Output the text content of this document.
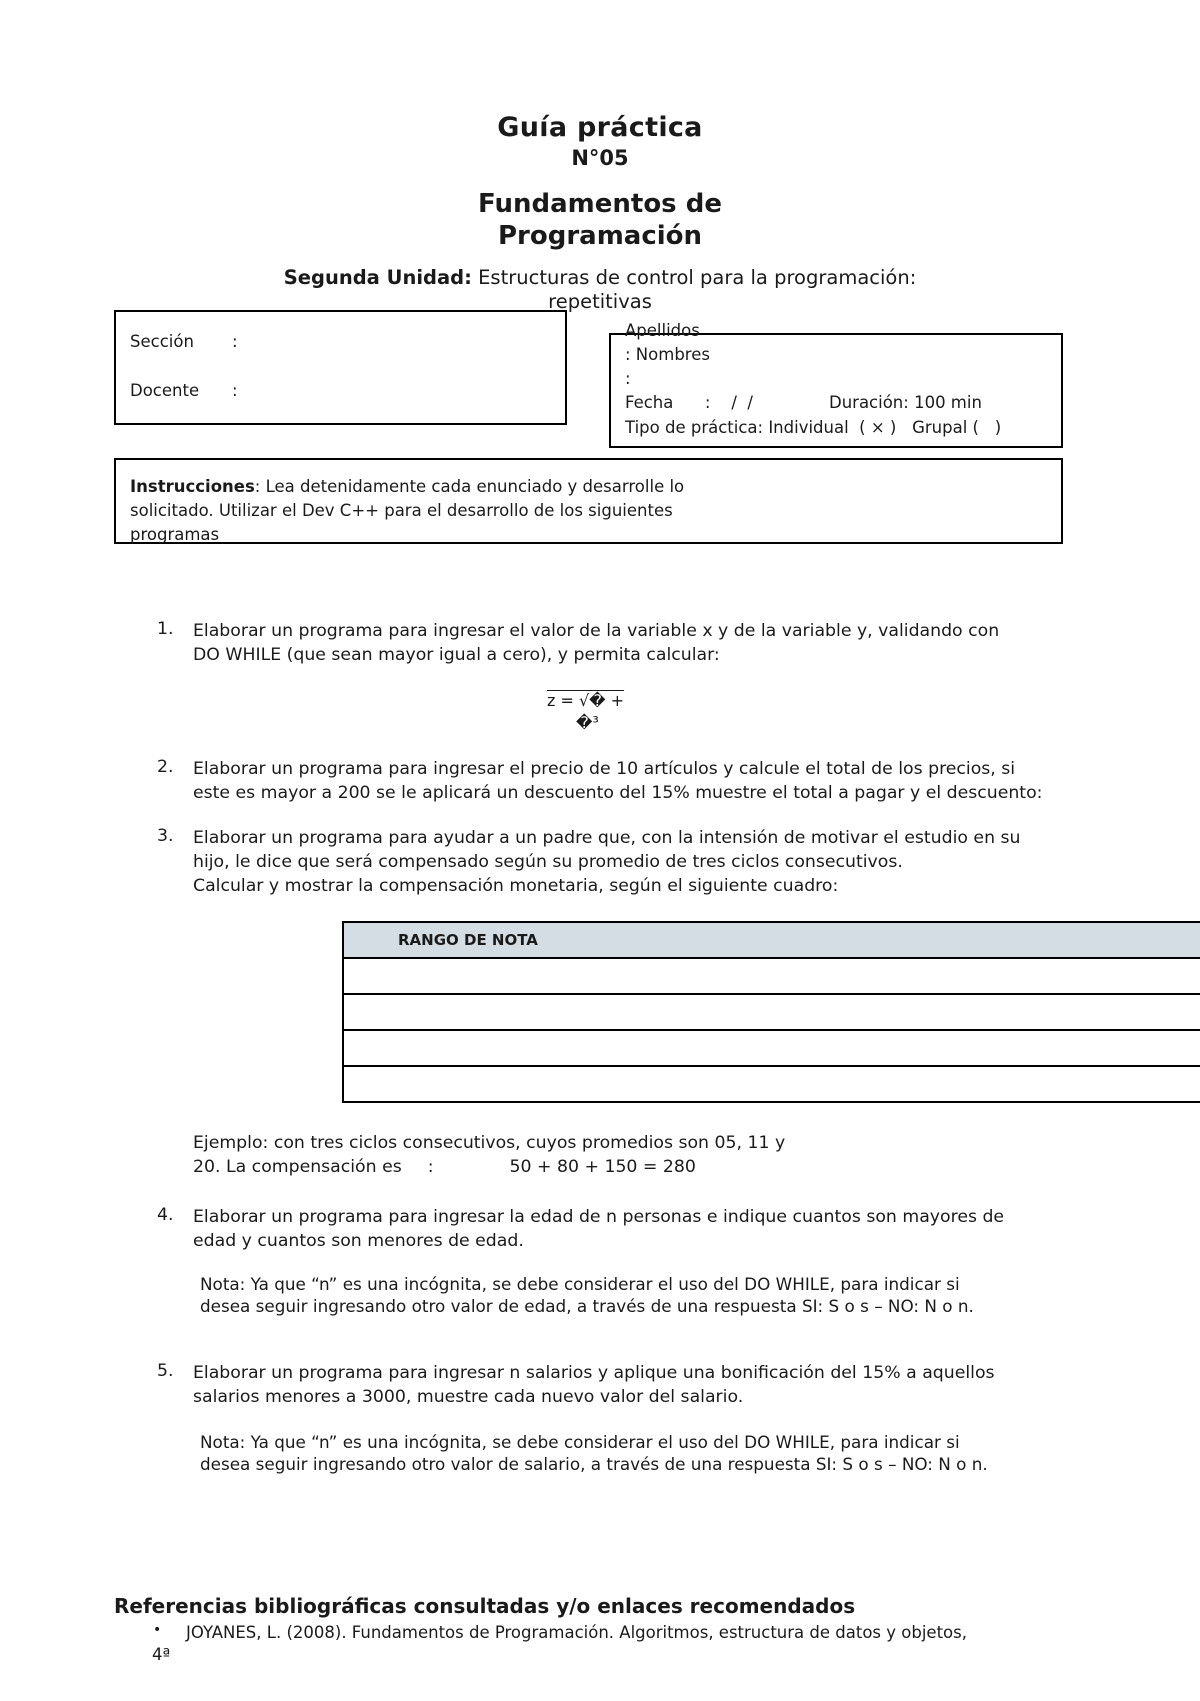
Guía práctica
N°05
Fundamentos de
Programación
Segunda Unidad: Estructuras de control para la programación:
repetitivas
Sección :
Docente :
Apellidos
: Nombres
:
Fecha      :    /  /	Duración: 100 min
Tipo de práctica: Individual  ( × )   Grupal (   )
Instrucciones: Lea detenidamente cada enunciado y desarrolle lo
solicitado. Utilizar el Dev C++ para el desarrollo de los siguientes
programas
1. Elaborar un programa para ingresar el valor de la variable x y de la variable y, validando con
DO WHILE (que sean mayor igual a cero), y permita calcular:
z = √� +
�³
2. Elaborar un programa para ingresar el precio de 10 artículos y calcule el total de los precios, si
este es mayor a 200 se le aplicará un descuento del 15% muestre el total a pagar y el descuento:
3. Elaborar un programa para ayudar a un padre que, con la intensión de motivar el estudio en su
hijo, le dice que será compensado según su promedio de tres ciclos consecutivos.
Calcular y mostrar la compensación monetaria, según el siguiente cuadro:
RANGO DE NOTA

Ejemplo: con tres ciclos consecutivos, cuyos promedios son 05, 11 y
20. La compensación es :	50 + 80 + 150 = 280
4. Elaborar un programa para ingresar la edad de n personas e indique cuantos son mayores de
edad y cuantos son menores de edad.
Nota: Ya que “n” es una incógnita, se debe considerar el uso del DO WHILE, para indicar si
desea seguir ingresando otro valor de edad, a través de una respuesta SI: S o s – NO: N o n.
5. Elaborar un programa para ingresar n salarios y aplique una bonificación del 15% a aquellos
salarios menores a 3000, muestre cada nuevo valor del salario.
Nota: Ya que “n” es una incógnita, se debe considerar el uso del DO WHILE, para indicar si
desea seguir ingresando otro valor de salario, a través de una respuesta SI: S o s – NO: N o n.
Referencias bibliográficas consultadas y/o enlaces recomendados
• JOYANES, L. (2008). Fundamentos de Programación. Algoritmos, estructura de datos y objetos,
4ª
